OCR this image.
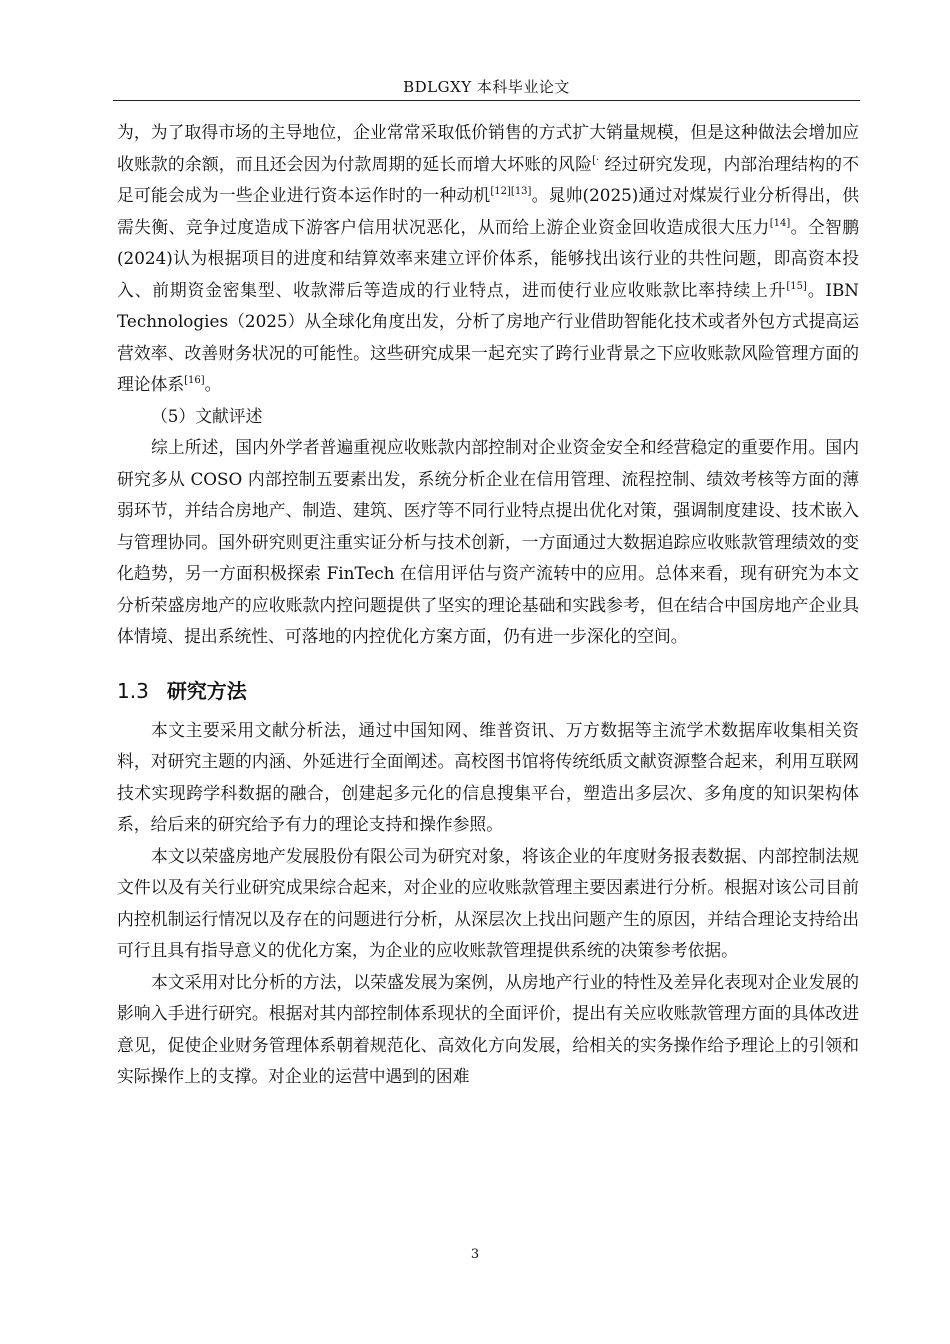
BDLGXY 本科毕业论文

为，为了取得市场的主导地位，企业常常采取低价销售的方式扩大销量规模，但是这种做法会增加应收账款的余额，而且还会因为付款周期的延长而增大坏账的风险[· 经过研究发现，内部治理结构的不足可能会成为一些企业进行资本运作时的一种动机[12][13]。晁帅(2025)通过对煤炭行业分析得出，供需失衡、竞争过度造成下游客户信用状况恶化，从而给上游企业资金回收造成很大压力[14]。仝智鹏(2024)认为根据项目的进度和结算效率来建立评价体系，能够找出该行业的共性问题，即高资本投入、前期资金密集型、收款滞后等造成的行业特点，进而使行业应收账款比率持续上升[15]。IBN Technologies（2025）从全球化角度出发，分析了房地产行业借助智能化技术或者外包方式提高运营效率、改善财务状况的可能性。这些研究成果一起充实了跨行业背景之下应收账款风险管理方面的理论体系[16]。

（5）文献评述

综上所述，国内外学者普遍重视应收账款内部控制对企业资金安全和经营稳定的重要作用。国内研究多从 COSO 内部控制五要素出发，系统分析企业在信用管理、流程控制、绩效考核等方面的薄弱环节，并结合房地产、制造、建筑、医疗等不同行业特点提出优化对策，强调制度建设、技术嵌入与管理协同。国外研究则更注重实证分析与技术创新，一方面通过大数据追踪应收账款管理绩效的变化趋势，另一方面积极探索 FinTech 在信用评估与资产流转中的应用。总体来看，现有研究为本文分析荣盛房地产的应收账款内控问题提供了坚实的理论基础和实践参考，但在结合中国房地产企业具体情境、提出系统性、可落地的内控优化方案方面，仍有进一步深化的空间。

1.3 研究方法

本文主要采用文献分析法，通过中国知网、维普资讯、万方数据等主流学术数据库收集相关资料，对研究主题的内涵、外延进行全面阐述。高校图书馆将传统纸质文献资源整合起来，利用互联网技术实现跨学科数据的融合，创建起多元化的信息搜集平台，塑造出多层次、多角度的知识架构体系，给后来的研究给予有力的理论支持和操作参照。

本文以荣盛房地产发展股份有限公司为研究对象，将该企业的年度财务报表数据、内部控制法规文件以及有关行业研究成果综合起来，对企业的应收账款管理主要因素进行分析。根据对该公司目前内控机制运行情况以及存在的问题进行分析，从深层次上找出问题产生的原因，并结合理论支持给出可行且具有指导意义的优化方案，为企业的应收账款管理提供系统的决策参考依据。

本文采用对比分析的方法，以荣盛发展为案例，从房地产行业的特性及差异化表现对企业发展的影响入手进行研究。根据对其内部控制体系现状的全面评价，提出有关应收账款管理方面的具体改进意见，促使企业财务管理体系朝着规范化、高效化方向发展，给相关的实务操作给予理论上的引领和实际操作上的支撑。对企业的运营中遇到的困难

3
